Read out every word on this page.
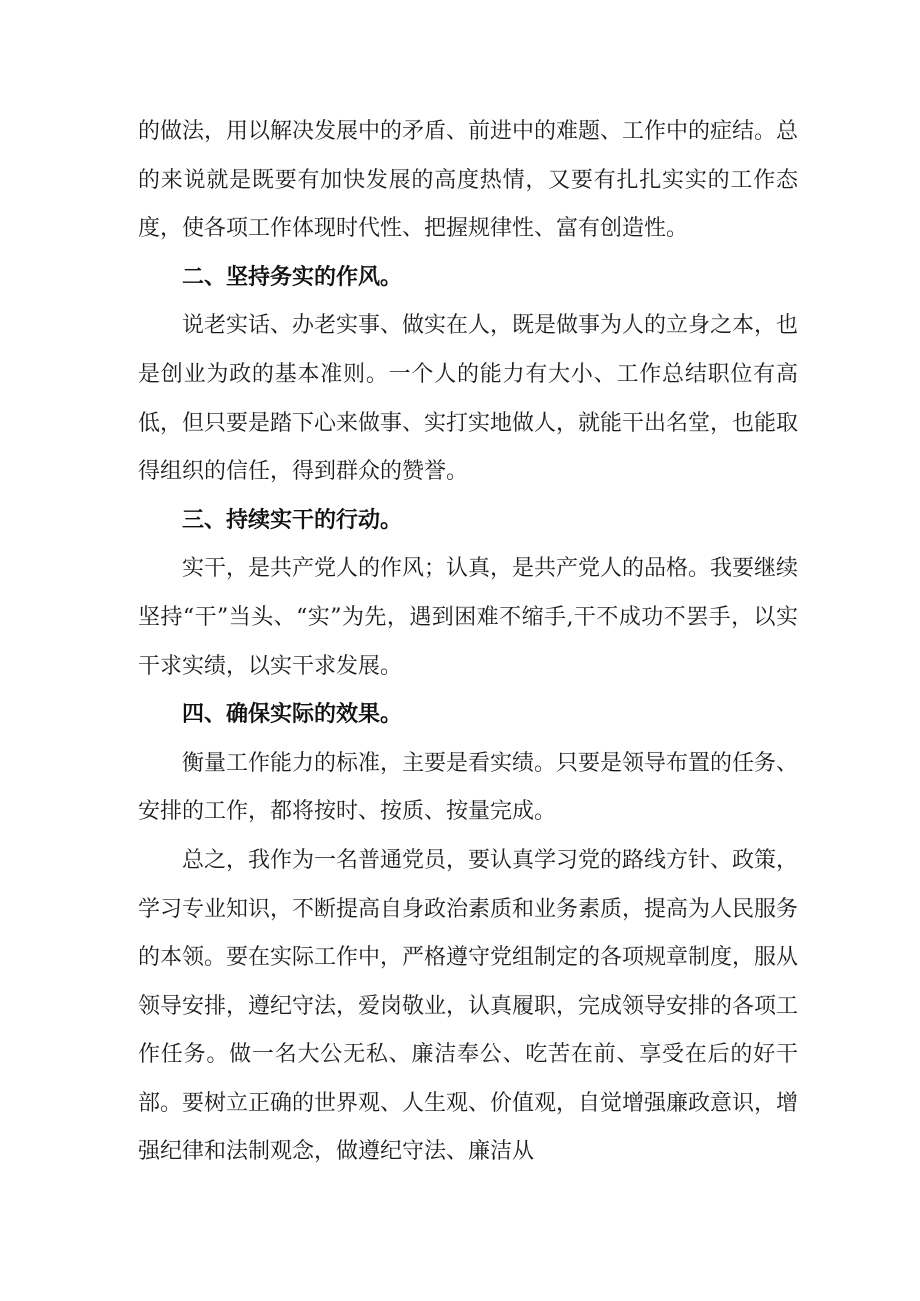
的做法，用以解决发展中的矛盾、前进中的难题、工作中的症结。总的来说就是既要有加快发展的高度热情，又要有扎扎实实的工作态度，使各项工作体现时代性、把握规律性、富有创造性。

二、坚持务实的作风。

说老实话、办老实事、做实在人，既是做事为人的立身之本，也是创业为政的基本准则。一个人的能力有大小、工作总结职位有高低，但只要是踏下心来做事、实打实地做人，就能干出名堂，也能取得组织的信任，得到群众的赞誉。

三、持续实干的行动。

实干，是共产党人的作风；认真，是共产党人的品格。我要继续坚持“干”当头、“实”为先，遇到困难不缩手,干不成功不罢手，以实干求实绩，以实干求发展。

四、确保实际的效果。

衡量工作能力的标准，主要是看实绩。只要是领导布置的任务、安排的工作，都将按时、按质、按量完成。

总之，我作为一名普通党员，要认真学习党的路线方针、政策，学习专业知识，不断提高自身政治素质和业务素质，提高为人民服务的本领。要在实际工作中，严格遵守党组制定的各项规章制度，服从领导安排，遵纪守法，爱岗敬业，认真履职，完成领导安排的各项工作任务。做一名大公无私、廉洁奉公、吃苦在前、享受在后的好干部。要树立正确的世界观、人生观、价值观，自觉增强廉政意识，增强纪律和法制观念，做遵纪守法、廉洁从
